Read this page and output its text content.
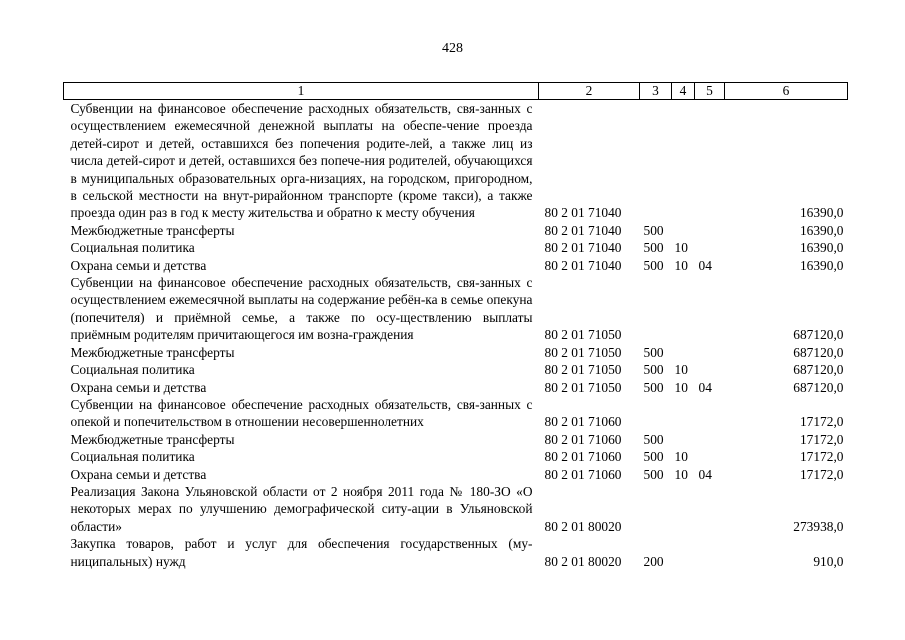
428
1	2	3	4	5	6
Субвенции на финансовое обеспечение расходных обязательств, свя-занных с осуществлением ежемесячной денежной выплаты на обеспе-чение проезда детей-сирот и детей, оставшихся без попечения родите-лей, а также лиц из числа детей-сирот и детей, оставшихся без попече-ния родителей, обучающихся в муниципальных образовательных орга-низациях, на городском, пригородном, в сельской местности на внут-рирайонном транспорте (кроме такси), а также проезда один раз в год к месту жительства и обратно к месту обучения	80 2 01 71040				16390,0
Межбюджетные трансферты	80 2 01 71040	500			16390,0
Социальная политика	80 2 01 71040	500	10		16390,0
Охрана семьи и детства	80 2 01 71040	500	10	04	16390,0
Субвенции на финансовое обеспечение расходных обязательств, свя-занных с осуществлением ежемесячной выплаты на содержание ребён-ка в семье опекуна (попечителя) и приёмной семье, а также по осу-ществлению выплаты приёмным родителям причитающегося им возна-граждения	80 2 01 71050				687120,0
Межбюджетные трансферты	80 2 01 71050	500			687120,0
Социальная политика	80 2 01 71050	500	10		687120,0
Охрана семьи и детства	80 2 01 71050	500	10	04	687120,0
Субвенции на финансовое обеспечение расходных обязательств, свя-занных с опекой и попечительством в отношении несовершеннолетних	80 2 01 71060				17172,0
Межбюджетные трансферты	80 2 01 71060	500			17172,0
Социальная политика	80 2 01 71060	500	10		17172,0
Охрана семьи и детства	80 2 01 71060	500	10	04	17172,0
Реализация Закона Ульяновской области от 2 ноября 2011 года № 180-ЗО «О некоторых мерах по улучшению демографической ситу-ации в Ульяновской области»	80 2 01 80020				273938,0
Закупка товаров, работ и услуг для обеспечения государственных (му-ниципальных) нужд	80 2 01 80020	200			910,0
